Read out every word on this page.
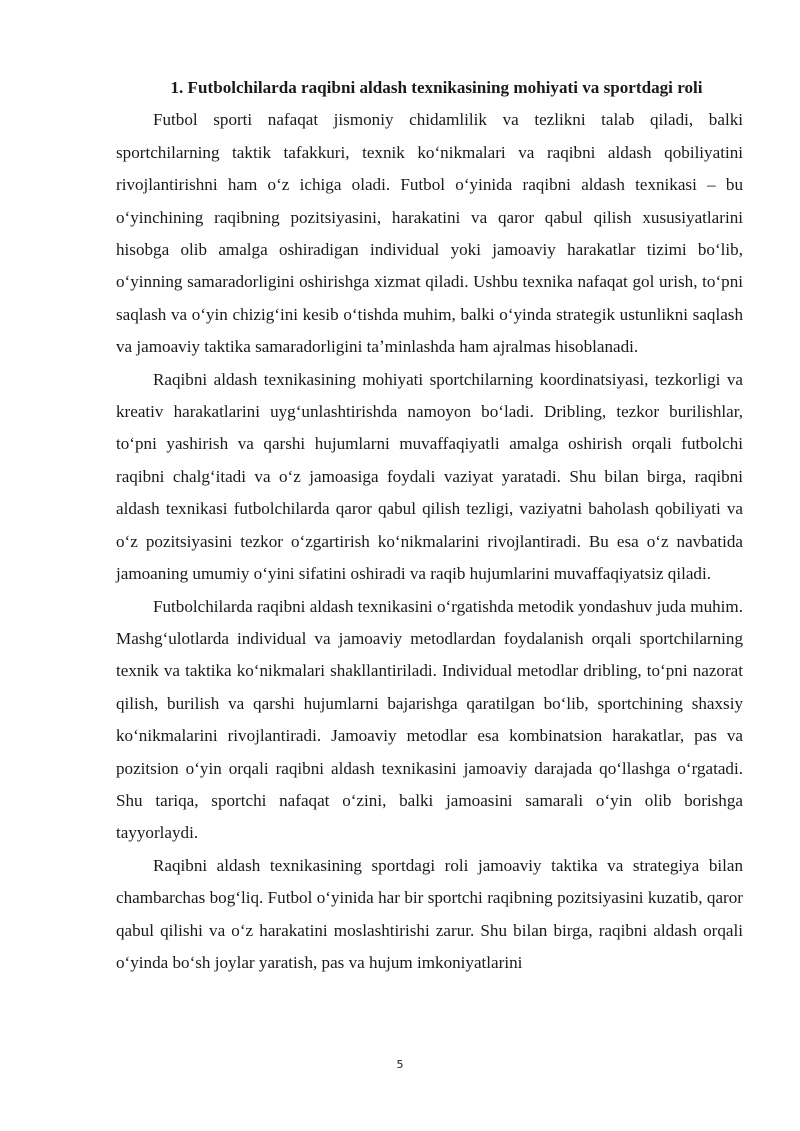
1. Futbolchilarda raqibni aldash texnikasining mohiyati va sportdagi roli

Futbol sporti nafaqat jismoniy chidamlilik va tezlikni talab qiladi, balki sportchilarning taktik tafakkuri, texnik koʻnikmalari va raqibni aldash qobiliyatini rivojlantirishni ham oʻz ichiga oladi. Futbol oʻyinida raqibni aldash texnikasi – bu oʻyinchining raqibning pozitsiyasini, harakatini va qaror qabul qilish xususiyatlarini hisobga olib amalga oshiradigan individual yoki jamoaviy harakatlar tizimi boʻlib, oʻyinning samaradorligini oshirishga xizmat qiladi. Ushbu texnika nafaqat gol urish, toʻpni saqlash va oʻyin chizigʻini kesib oʻtishda muhim, balki oʻyinda strategik ustunlikni saqlash va jamoaviy taktika samaradorligini taʼminlashda ham ajralmas hisoblanadi.

Raqibni aldash texnikasining mohiyati sportchilarning koordinatsiyasi, tezkorligi va kreativ harakatlarini uygʻunlashtirishda namoyon boʻladi. Dribling, tezkor burilishlar, toʻpni yashirish va qarshi hujumlarni muvaffaqiyatli amalga oshirish orqali futbolchi raqibni chalgʻitadi va oʻz jamoasiga foydali vaziyat yaratadi. Shu bilan birga, raqibni aldash texnikasi futbolchilarda qaror qabul qilish tezligi, vaziyatni baholash qobiliyati va oʻz pozitsiyasini tezkor oʻzgartirish koʻnikmalarini rivojlantiradi. Bu esa oʻz navbatida jamoaning umumiy oʻyini sifatini oshiradi va raqib hujumlarini muvaffaqiyatsiz qiladi.

Futbolchilarda raqibni aldash texnikasini oʻrgatishda metodik yondashuv juda muhim. Mashgʻulotlarda individual va jamoaviy metodlardan foydalanish orqali sportchilarning texnik va taktika koʻnikmalari shakllantiriladi. Individual metodlar dribling, toʻpni nazorat qilish, burilish va qarshi hujumlarni bajarishga qaratilgan boʻlib, sportchining shaxsiy koʻnikmalarini rivojlantiradi. Jamoaviy metodlar esa kombinatsion harakatlar, pas va pozitsion oʻyin orqali raqibni aldash texnikasini jamoaviy darajada qoʻllashga oʻrgatadi. Shu tariqa, sportchi nafaqat oʻzini, balki jamoasini samarali oʻyin olib borishga tayyorlaydi.

Raqibni aldash texnikasining sportdagi roli jamoaviy taktika va strategiya bilan chambarchas bogʻliq. Futbol oʻyinida har bir sportchi raqibning pozitsiyasini kuzatib, qaror qabul qilishi va oʻz harakatini moslashtirishi zarur. Shu bilan birga, raqibni aldash orqali oʻyinda boʻsh joylar yaratish, pas va hujum imkoniyatlarini

5
